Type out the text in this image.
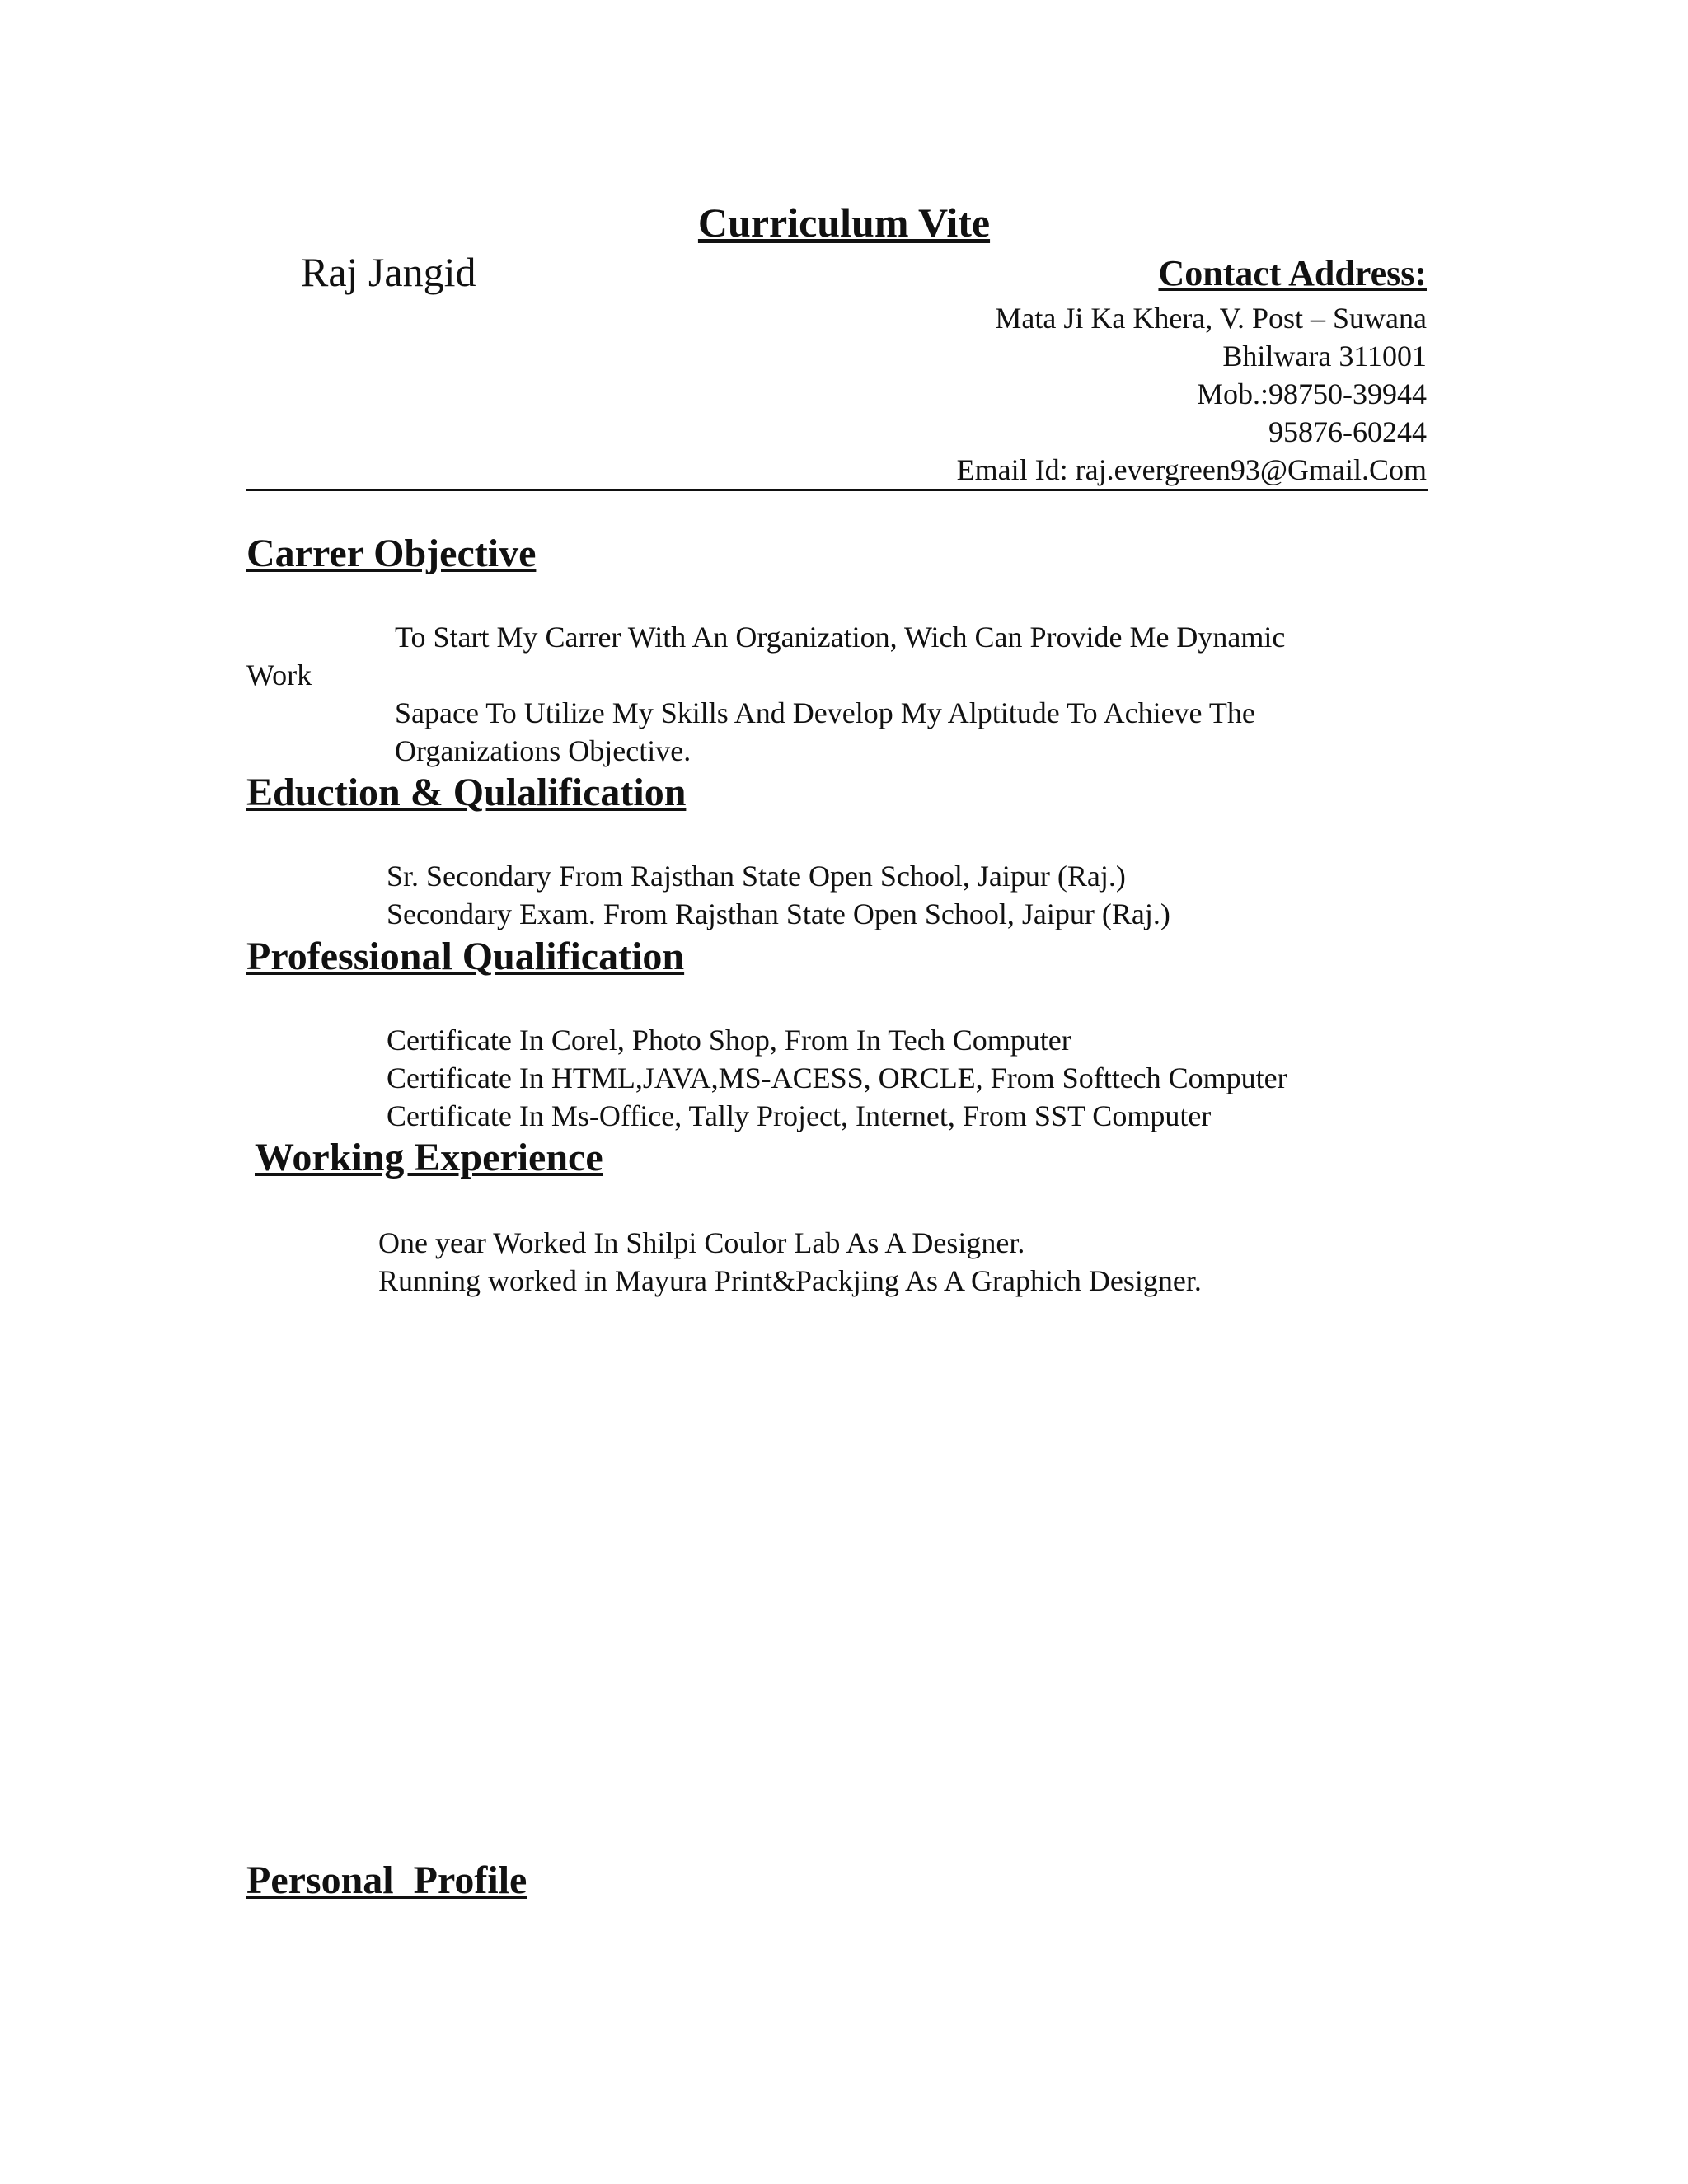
Curriculum Vite
Raj Jangid	Contact Address:
Mata Ji Ka Khera, V. Post – Suwana
Bhilwara 311001
Mob.:98750-39944
95876-60244
Email Id: raj.evergreen93@Gmail.Com
Carrer Objective
To Start My Carrer With An Organization, Wich Can Provide Me Dynamic
Work
Sapace To Utilize My Skills And Develop My Alptitude To Achieve The
Organizations Objective.
Eduction & Qulalification
Sr. Secondary From Rajsthan State Open School, Jaipur (Raj.)
Secondary Exam. From Rajsthan State Open School, Jaipur (Raj.)
Professional Qualification
Certificate In Corel, Photo Shop, From In Tech Computer
Certificate In HTML,JAVA,MS-ACESS, ORCLE, From Softtech Computer
Certificate In Ms-Office, Tally Project, Internet, From SST Computer
Working Experience
One year Worked In Shilpi Coulor Lab As A Designer.
Running worked in Mayura Print&Packjing As A Graphich Designer.
Personal  Profile
